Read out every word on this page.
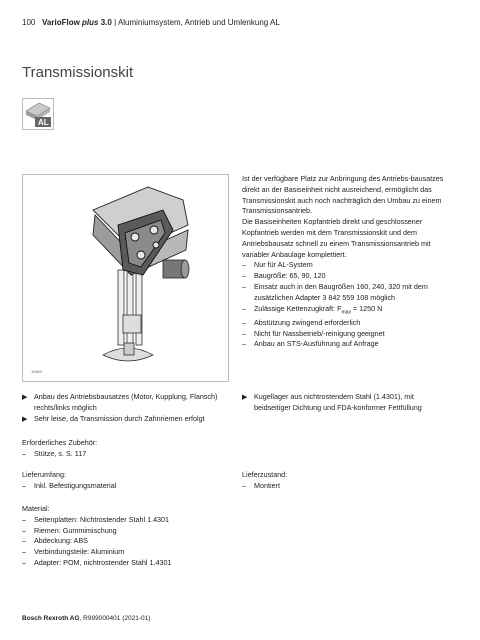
100 VarioFlow plus 3.0 | Aluminiumsystem, Antrieb und Umlenkung AL
Transmissionskit
AL
10893
Ist der verfügbare Platz zur Anbringung des Antriebs-bausatzes direkt an der Basiseinheit nicht ausreichend, ermöglicht das Transmissionskit auch noch nachträglich den Umbau zu einem Transmissionsantrieb.
Die Basiseinheiten Kopfantrieb direkt und geschlossener Kopfantrieb werden mit dem Transmissionskit und dem Antriebsbausatz schnell zu einem Transmissionsantrieb mit variabler Anbaulage komplettiert.
– Nur für AL-System
– Baugröße: 65, 90, 120
– Einsatz auch in den Baugrößen 160, 240, 320 mit dem zusätzlichen Adapter 3 842 559 108 möglich
– Zulässige Kettenzugkraft: $F_{max} = 1250$ N
– Abstützung zwingend erforderlich
– Nicht für Nassbetrieb/-reinigung geeignet
– Anbau an STS-Ausführung auf Anfrage
▶ Anbau des Antriebsbausatzes (Motor, Kupplung, Flansch) rechts/links möglich
▶ Sehr leise, da Transmission durch Zahnriemen erfolgt
▶ Kugellager aus nichtrostendem Stahl (1.4301), mit beidseitiger Dichtung und FDA-konformer Fettfüllung
Erforderliches Zubehör:
– Stütze, s. S. 117
Lieferumfang:
– Inkl. Befestigungsmaterial
Lieferzustand:
– Montiert
Material:
– Seitenplatten: Nichtrostender Stahl 1.4301
– Riemen: Gummimischung
– Abdeckung: ABS
– Verbindungsteile: Aluminium
– Adapter: POM, nichtrostender Stahl 1.4301
Bosch Rexroth AG, R999000401 (2021-01)
